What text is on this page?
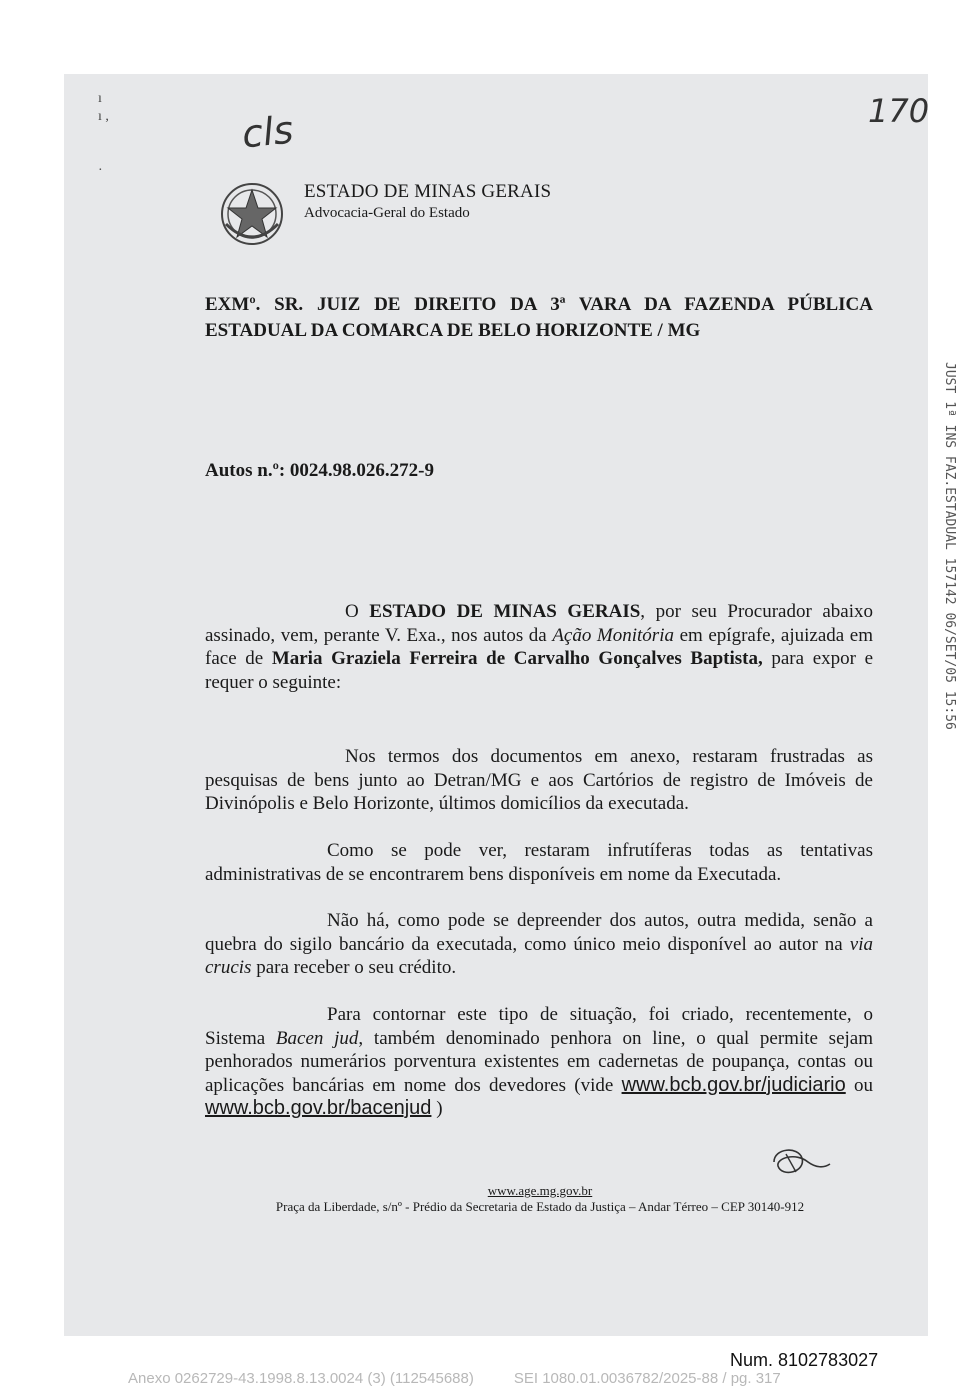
ı
ı ,

·
cls	170
ESTADO DE MINAS GERAIS
Advocacia-Geral do Estado
EXMº. SR. JUIZ DE DIREITO DA 3ª VARA DA FAZENDA PÚBLICA
ESTADUAL DA COMARCA DE BELO HORIZONTE / MG
Autos n.º: 0024.98.026.272-9	JUST 1ª INS FAZ.ESTADUAL 157142 06/SET/05 15:56
O ESTADO DE MINAS GERAIS, por seu Procurador abaixo assinado, vem, perante V. Exa., nos autos da Ação Monitória em epígrafe, ajuizada em face de Maria Graziela Ferreira de Carvalho Gonçalves Baptista, para expor e requer o seguinte:
Nos termos dos documentos em anexo, restaram frustradas as pesquisas de bens junto ao Detran/MG e aos Cartórios de registro de Imóveis de Divinópolis e Belo Horizonte, últimos domicílios da executada.
Como se pode ver, restaram infrutíferas todas as tentativas administrativas de se encontrarem bens disponíveis em nome da Executada.
Não há, como pode se depreender dos autos, outra medida, senão a quebra do sigilo bancário da executada, como único meio disponível ao autor na via crucis para receber o seu crédito.
Para contornar este tipo de situação, foi criado, recentemente, o Sistema Bacen jud, também denominado penhora on line, o qual permite sejam penhorados numerários porventura existentes em cadernetas de poupança, contas ou aplicações bancárias em nome dos devedores (vide www.bcb.gov.br/judiciario ou www.bcb.gov.br/bacenjud )
www.age.mg.gov.br
Praça da Liberdade, s/nº - Prédio da Secretaria de Estado da Justiça – Andar Térreo – CEP 30140-912
Num. 8102783027
Anexo 0262729-43.1998.8.13.0024 (3) (112545688)	SEI 1080.01.0036782/2025-88 / pg. 317
